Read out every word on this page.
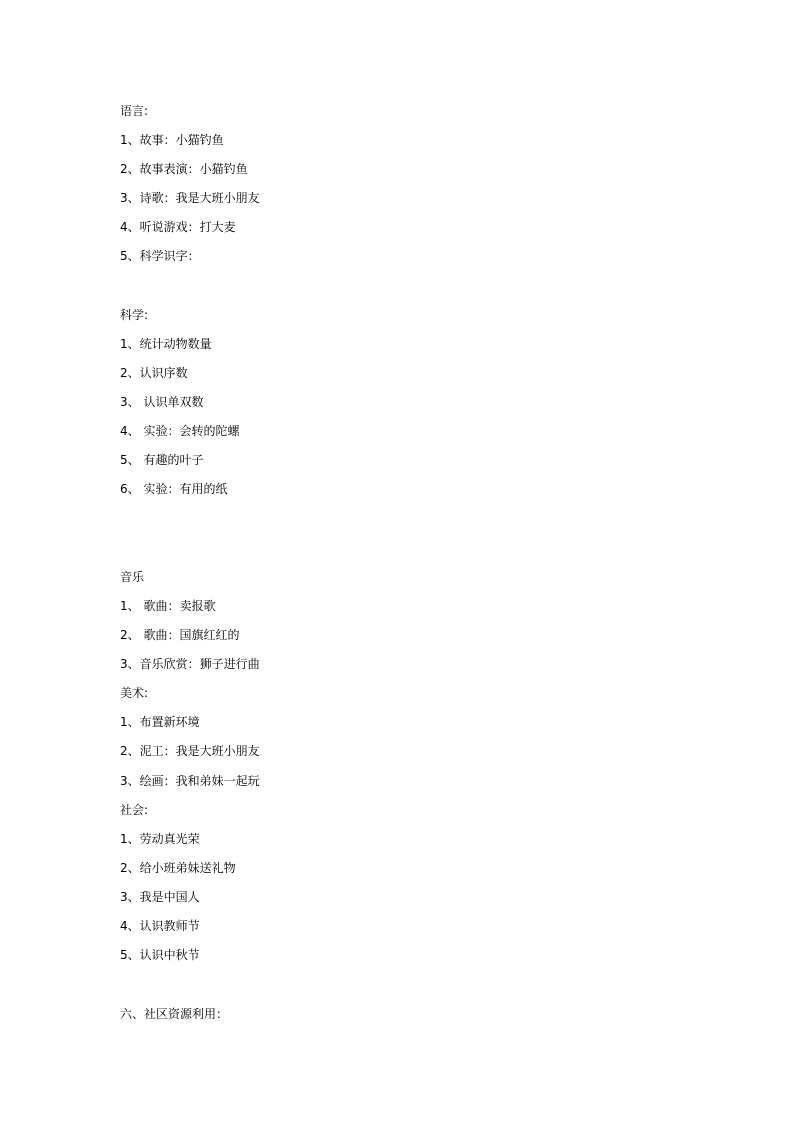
语言:

1、故事：小猫钓鱼

2、故事表演：小猫钓鱼

3、诗歌：我是大班小朋友

4、听说游戏：打大麦

5、科学识字：

科学:

1、统计动物数量

2、认识序数

3、 认识单双数

4、 实验：会转的陀螺

5、 有趣的叶子

6、 实验：有用的纸

音乐

1、 歌曲：卖报歌

2、 歌曲：国旗红红的

3、音乐欣赏：狮子进行曲

美术:

1、布置新环境

2、泥工：我是大班小朋友

3、绘画：我和弟妹一起玩

社会:

1、劳动真光荣

2、给小班弟妹送礼物

3、我是中国人

4、认识教师节

5、认识中秋节

六、社区资源利用：
